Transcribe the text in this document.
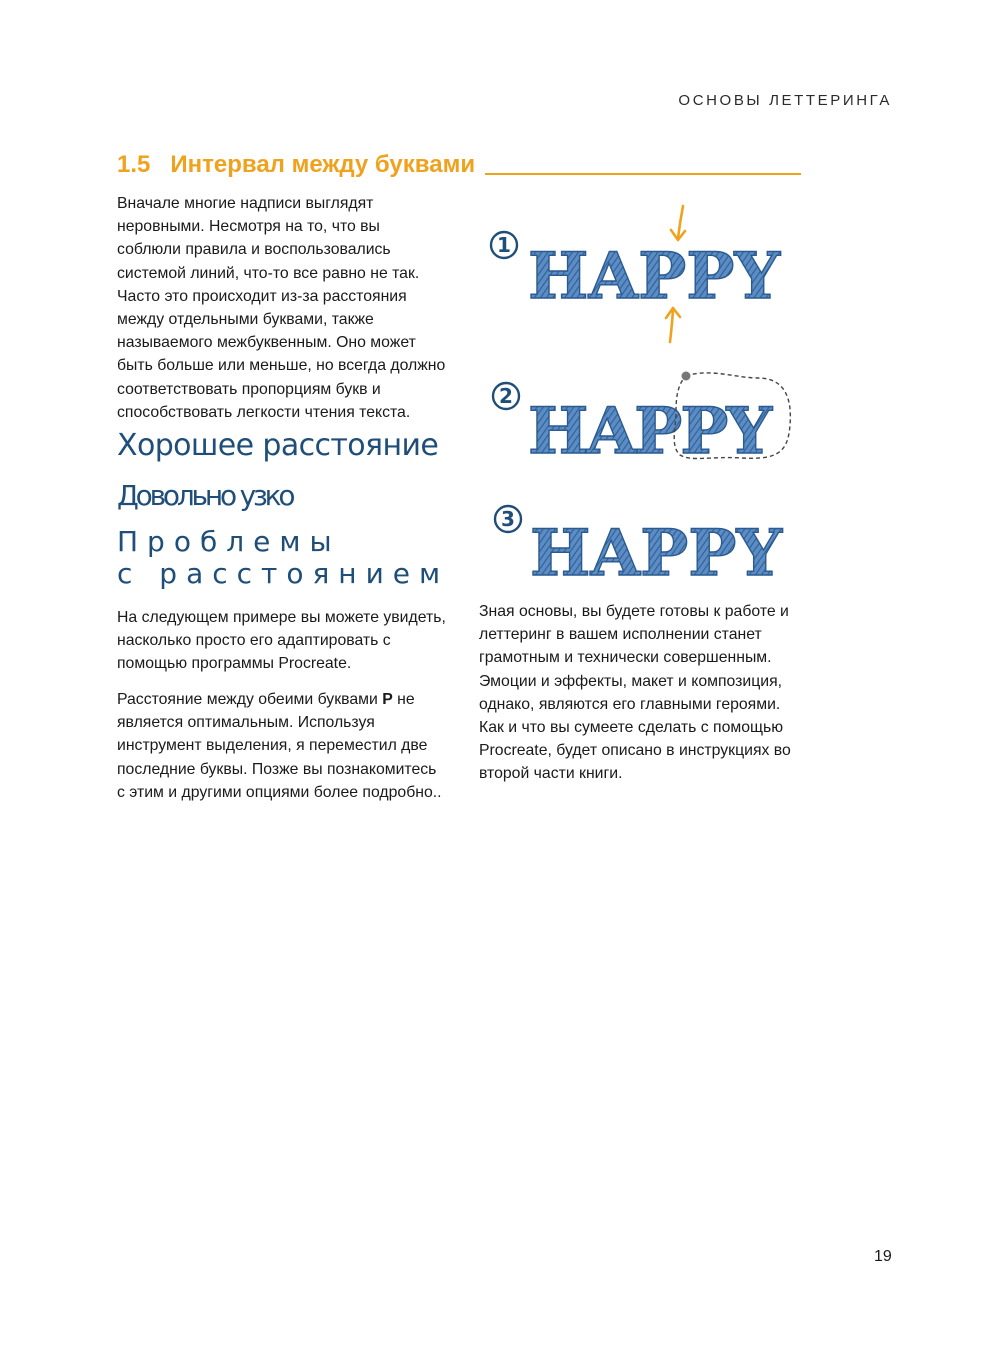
ОСНОВЫ ЛЕТТЕРИНГА
1.5 Интервал между буквами

Вначале многие надписи выглядят неровными. Несмотря на то, что вы соблюли правила и воспользовались системой линий, что-то все равно не так. Часто это происходит из-за расстояния между отдельными буквами, также называемого межбуквенным. Оно может быть больше или меньше, но всегда должно соответствовать пропорциям букв и способствовать легкости чтения текста.

Хорошее расстояние
Довольно узко
Проблемы
с расстоянием

На следующем примере вы можете увидеть, насколько просто его адаптировать с помощью программы Procreate.

Расстояние между обеими буквами P не является оптимальным. Используя инструмент выделения, я переместил две последние буквы. Позже вы познакомитесь с этим и другими опциями более подробно..

Зная основы, вы будете готовы к работе и леттеринг в вашем исполнении станет грамотным и технически совершенным. Эмоции и эффекты, макет и композиция, однако, являются его главными героями. Как и что вы сумеете сделать с помощью Procreate, будет описано в инструкциях во второй части книги.

HAPPY
HAPPY
HAPPY
1
2
3
19
